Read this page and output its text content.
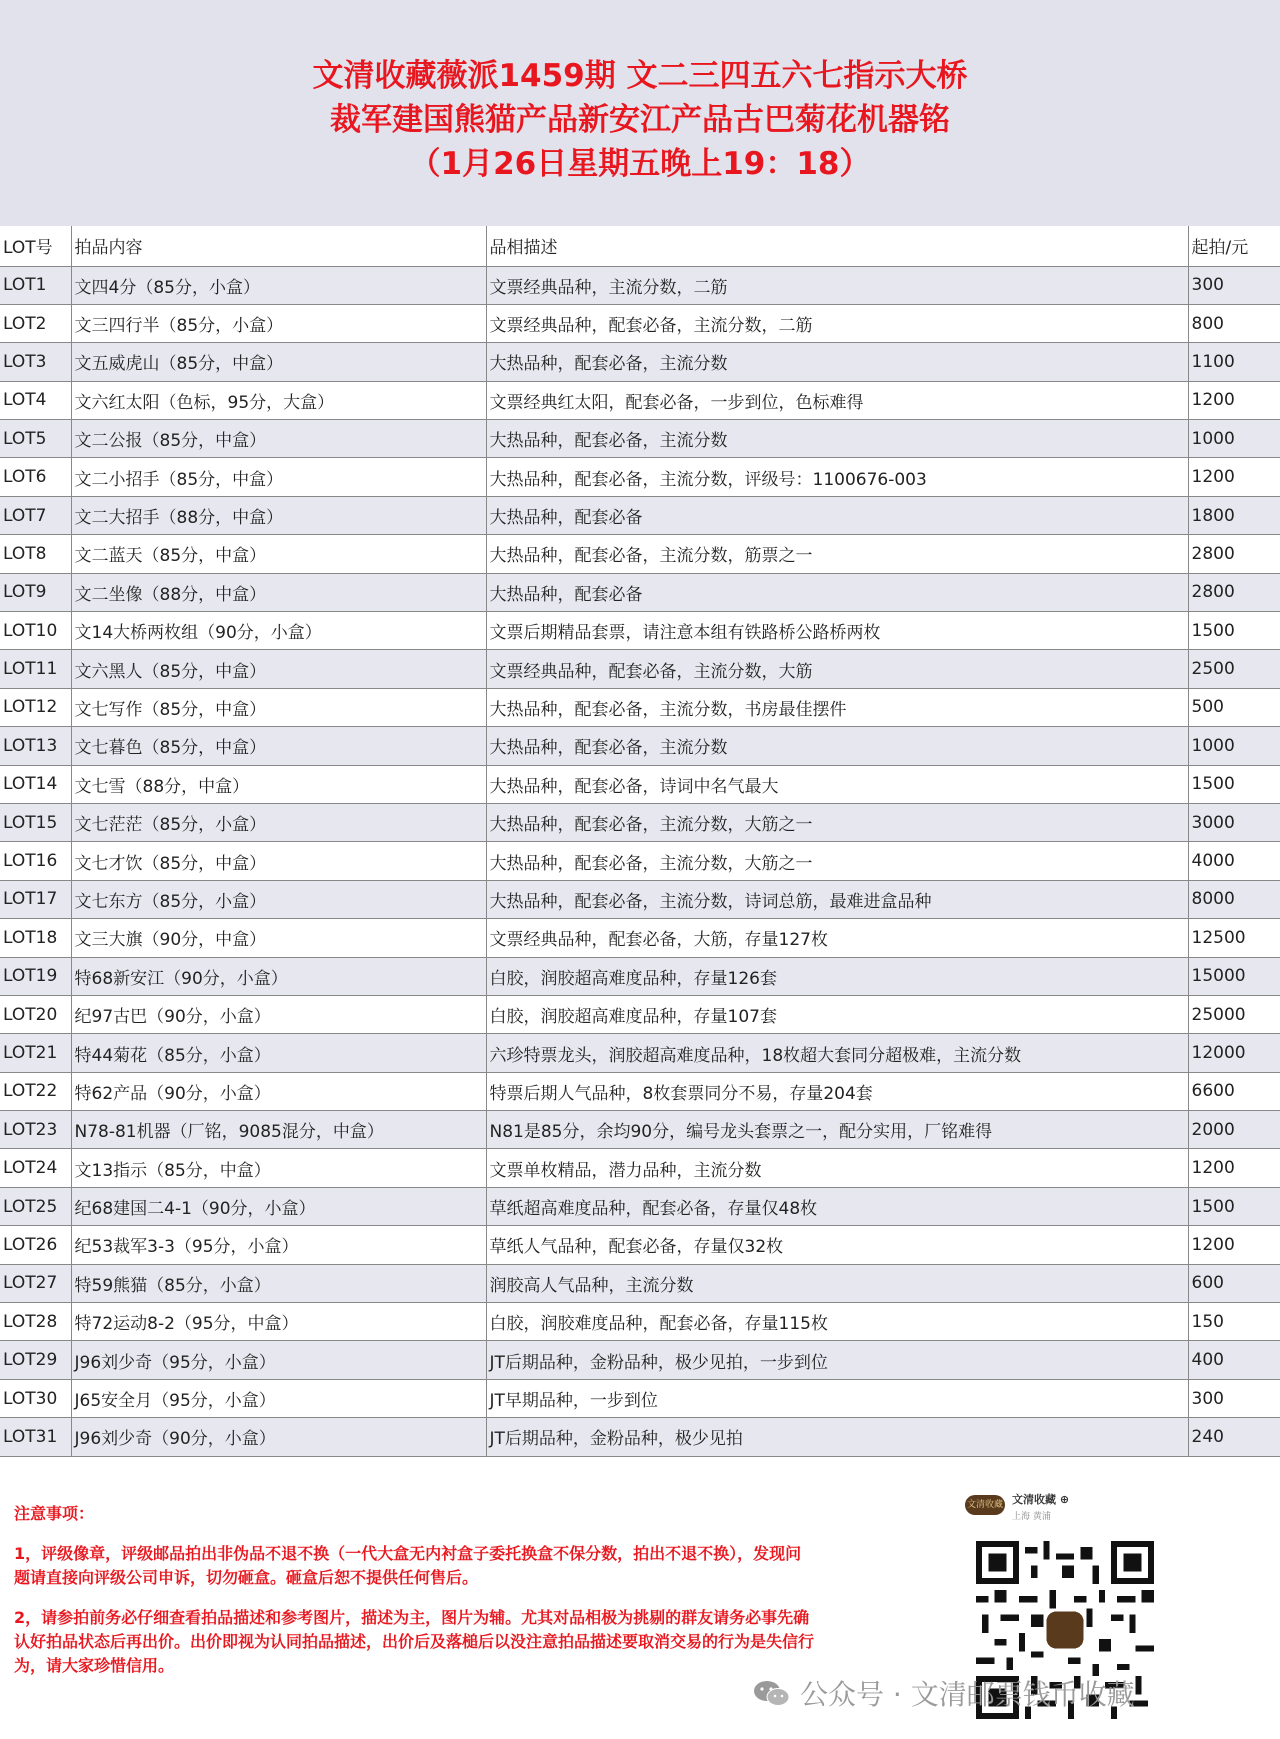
文清收藏薇派1459期 文二三四五六七指示大桥
裁军建国熊猫产品新安江产品古巴菊花机器铭
（1月26日星期五晚上19：18）
LOT号	拍品内容	品相描述	起拍/元
LOT1	文四4分（85分，小盒）	文票经典品种，主流分数，二筋	300
LOT2	文三四行半（85分，小盒）	文票经典品种，配套必备，主流分数，二筋	800
LOT3	文五威虎山（85分，中盒）	大热品种，配套必备，主流分数	1100
LOT4	文六红太阳（色标，95分，大盒）	文票经典红太阳，配套必备，一步到位，色标难得	1200
LOT5	文二公报（85分，中盒）	大热品种，配套必备，主流分数	1000
LOT6	文二小招手（85分，中盒）	大热品种，配套必备，主流分数，评级号：1100676-003	1200
LOT7	文二大招手（88分，中盒）	大热品种，配套必备	1800
LOT8	文二蓝天（85分，中盒）	大热品种，配套必备，主流分数，筋票之一	2800
LOT9	文二坐像（88分，中盒）	大热品种，配套必备	2800
LOT10	文14大桥两枚组（90分，小盒）	文票后期精品套票，请注意本组有铁路桥公路桥两枚	1500
LOT11	文六黑人（85分，中盒）	文票经典品种，配套必备，主流分数，大筋	2500
LOT12	文七写作（85分，中盒）	大热品种，配套必备，主流分数，书房最佳摆件	500
LOT13	文七暮色（85分，中盒）	大热品种，配套必备，主流分数	1000
LOT14	文七雪（88分，中盒）	大热品种，配套必备，诗词中名气最大	1500
LOT15	文七茫茫（85分，小盒）	大热品种，配套必备，主流分数，大筋之一	3000
LOT16	文七才饮（85分，中盒）	大热品种，配套必备，主流分数，大筋之一	4000
LOT17	文七东方（85分，小盒）	大热品种，配套必备，主流分数，诗词总筋，最难进盒品种	8000
LOT18	文三大旗（90分，中盒）	文票经典品种，配套必备，大筋，存量127枚	12500
LOT19	特68新安江（90分，小盒）	白胶，润胶超高难度品种，存量126套	15000
LOT20	纪97古巴（90分，小盒）	白胶，润胶超高难度品种，存量107套	25000
LOT21	特44菊花（85分，小盒）	六珍特票龙头，润胶超高难度品种，18枚超大套同分超极难，主流分数	12000
LOT22	特62产品（90分，小盒）	特票后期人气品种，8枚套票同分不易，存量204套	6600
LOT23	N78-81机器（厂铭，9085混分，中盒）	N81是85分，余均90分，编号龙头套票之一，配分实用，厂铭难得	2000
LOT24	文13指示（85分，中盒）	文票单枚精品，潜力品种，主流分数	1200
LOT25	纪68建国二4-1（90分，小盒）	草纸超高难度品种，配套必备，存量仅48枚	1500
LOT26	纪53裁军3-3（95分，小盒）	草纸人气品种，配套必备，存量仅32枚	1200
LOT27	特59熊猫（85分，小盒）	润胶高人气品种，主流分数	600
LOT28	特72运动8-2（95分，中盒）	白胶，润胶难度品种，配套必备，存量115枚	150
LOT29	J96刘少奇（95分，小盒）	JT后期品种，金粉品种，极少见拍，一步到位	400
LOT30	J65安全月（95分，小盒）	JT早期品种，一步到位	300
LOT31	J96刘少奇（90分，小盒）	JT后期品种，金粉品种，极少见拍	240
注意事项：

1，评级像章，评级邮品拍出非伪品不退不换（一代大盒无内衬盒子委托换盒不保分数，拍出不退不换），发现问题请直接向评级公司申诉，切勿砸盒。砸盒后恕不提供任何售后。

2，请参拍前务必仔细查看拍品描述和参考图片，描述为主，图片为辅。尤其对品相极为挑剔的群友请务必事先确认好拍品状态后再出价。出价即视为认同拍品描述，出价后及落槌后以没注意拍品描述要取消交易的行为是失信行为，请大家珍惜信用。

文清收藏 文清收藏 ⊕
上海 黄浦
公众号 · 文清邮票钱币收藏
